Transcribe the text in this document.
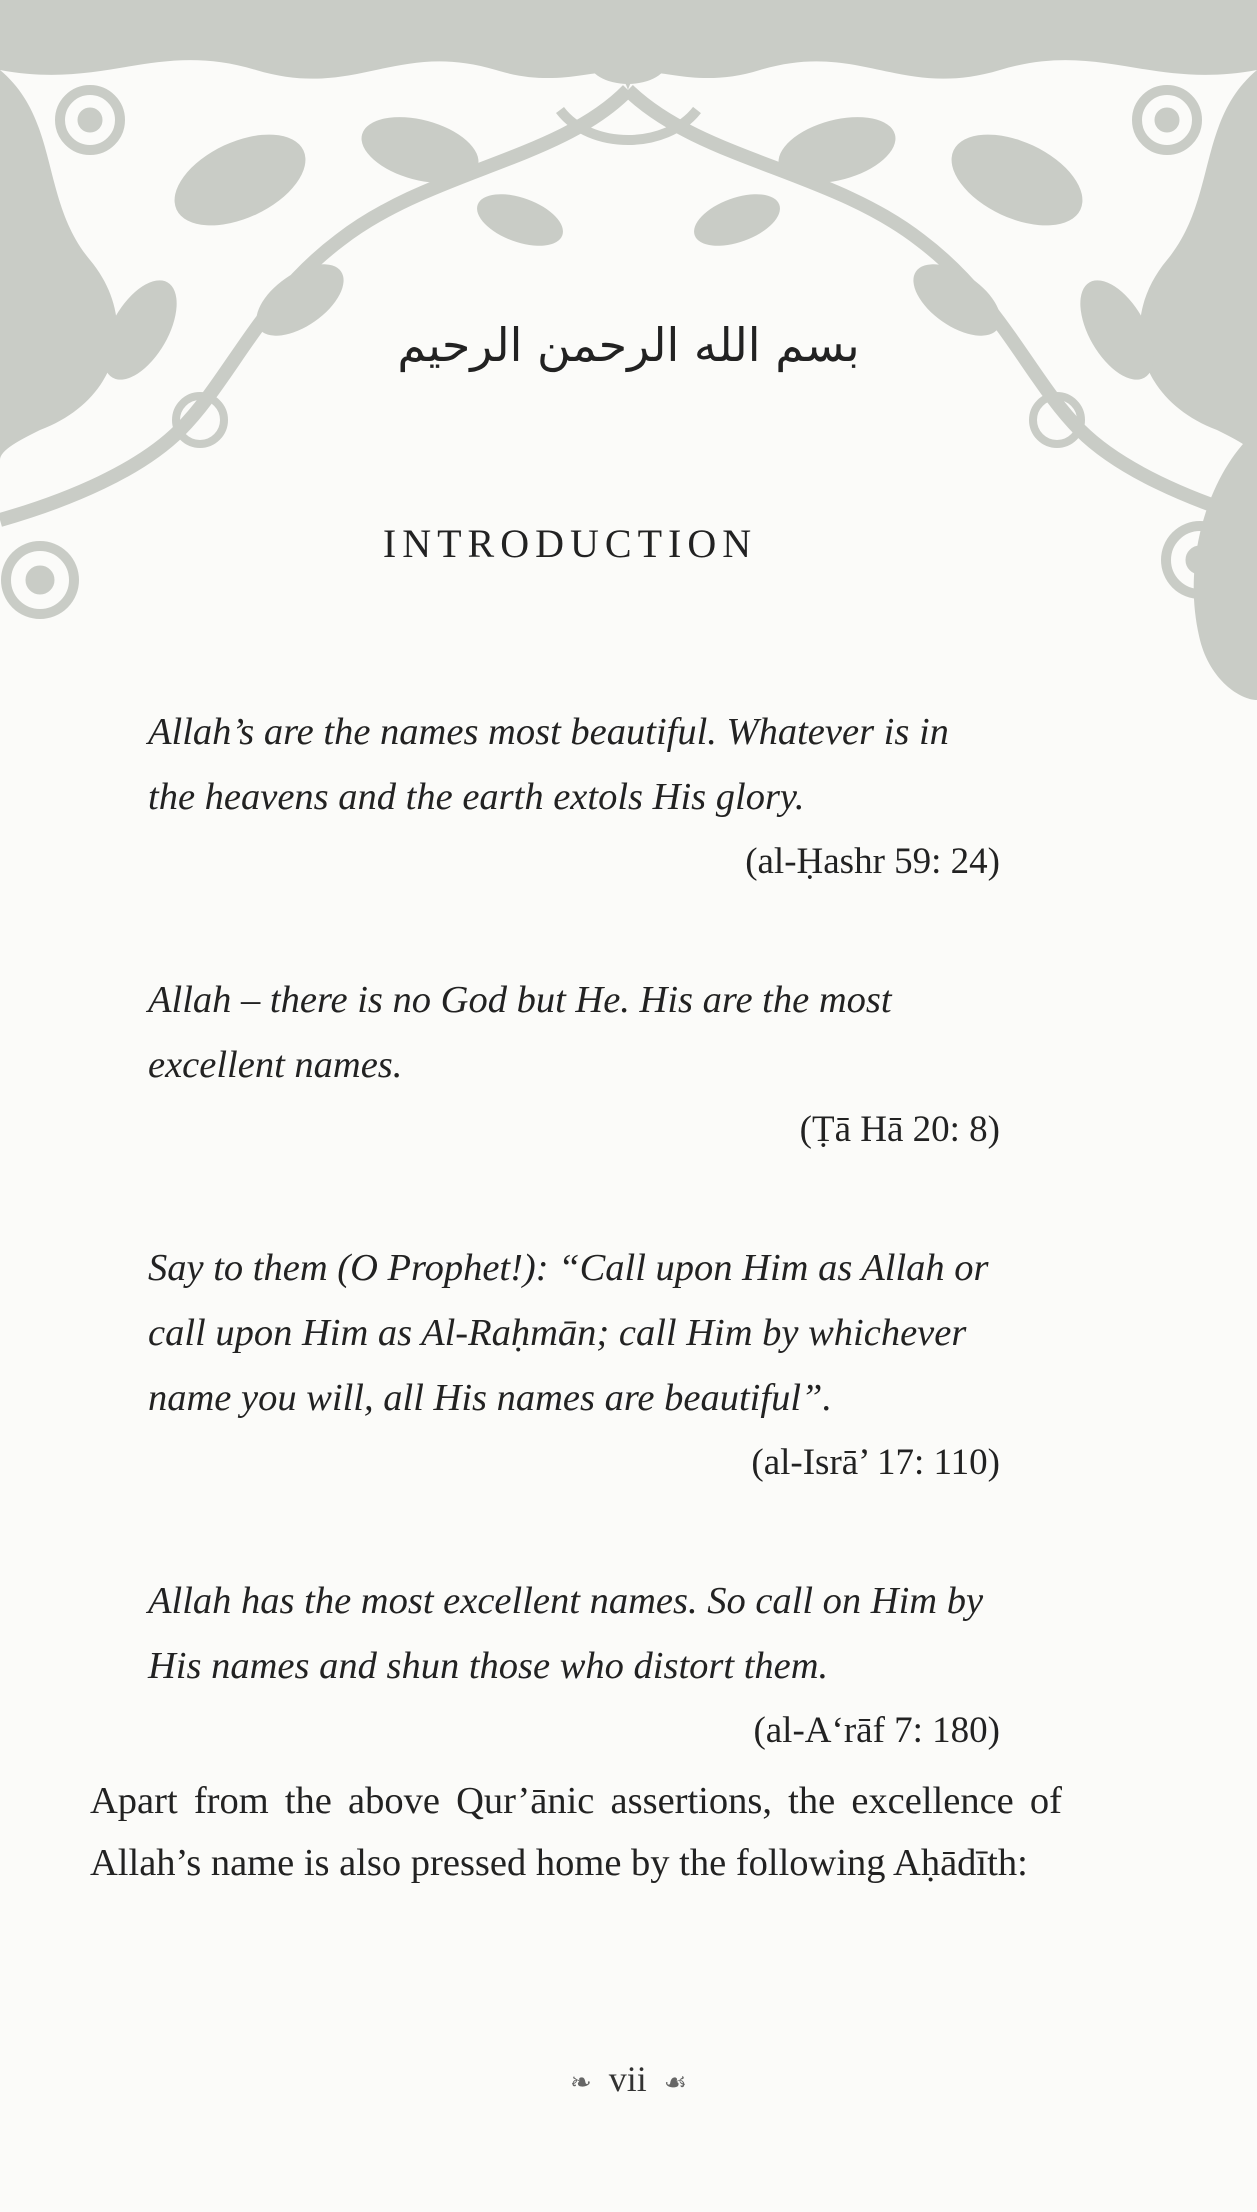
بسم الله الرحمن الرحيم
INTRODUCTION

Allah’s are the names most beautiful. Whatever is in the heavens and the earth extols His glory.

(al-Ḥashr 59: 24)

Allah – there is no God but He. His are the most excellent names.

(Ṭā Hā 20: 8)

Say to them (O Prophet!): “Call upon Him as Allah or call upon Him as Al-Raḥmān; call Him by whichever name you will, all His names are beautiful”.

(al-Isrā’ 17: 110)

Allah has the most excellent names. So call on Him by His names and shun those who distort them.

(al-A‘rāf 7: 180)

Apart from the above Qur’ānic assertions, the excellence of Allah’s name is also pressed home by the following Aḥādīth:

❧ vii ☙
